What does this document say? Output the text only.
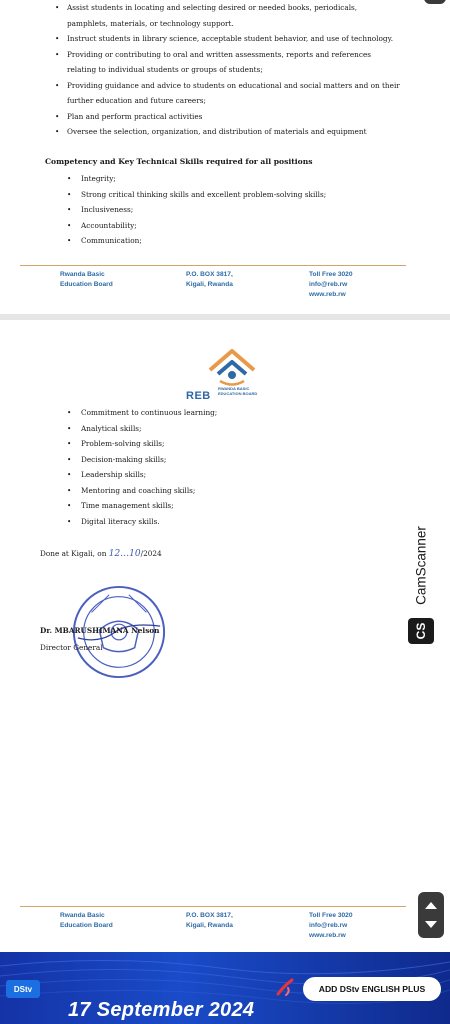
• Assist students in locating and selecting desired or needed books, periodicals, pamphlets, materials, or technology support.
• Instruct students in library science, acceptable student behavior, and use of technology.
• Providing or contributing to oral and written assessments, reports and references relating to individual students or groups of students;
• Providing guidance and advice to students on educational and social matters and on their further education and future careers;
• Plan and perform practical activities
• Oversee the selection, organization, and distribution of materials and equipment
Competency and Key Technical Skills required for all positions
• Integrity;
• Strong critical thinking skills and excellent problem-solving skills;
• Inclusiveness;
• Accountability;
• Communication;
Rwanda Basic
Education Board
P.O. BOX 3817,
Kigali, Rwanda
Toll Free 3020
info@reb.rw
www.reb.rw
REB
RWANDA BASIC
EDUCATION BOARD
• Commitment to continuous learning;
• Analytical skills;
• Problem-solving skills;
• Decision-making skills;
• Leadership skills;
• Mentoring and coaching skills;
• Time management skills;
• Digital literacy skills.
Done at Kigali, on 12…10/2024
Dr. MBARUSHIMANA Nelson
Director General
Rwanda Basic
Education Board
P.O. BOX 3817,
Kigali, Rwanda
Toll Free 3020
info@reb.rw
www.reb.rw
CamScanner
CS
DStv	ADD DStv ENGLISH PLUS
17 September 2024
